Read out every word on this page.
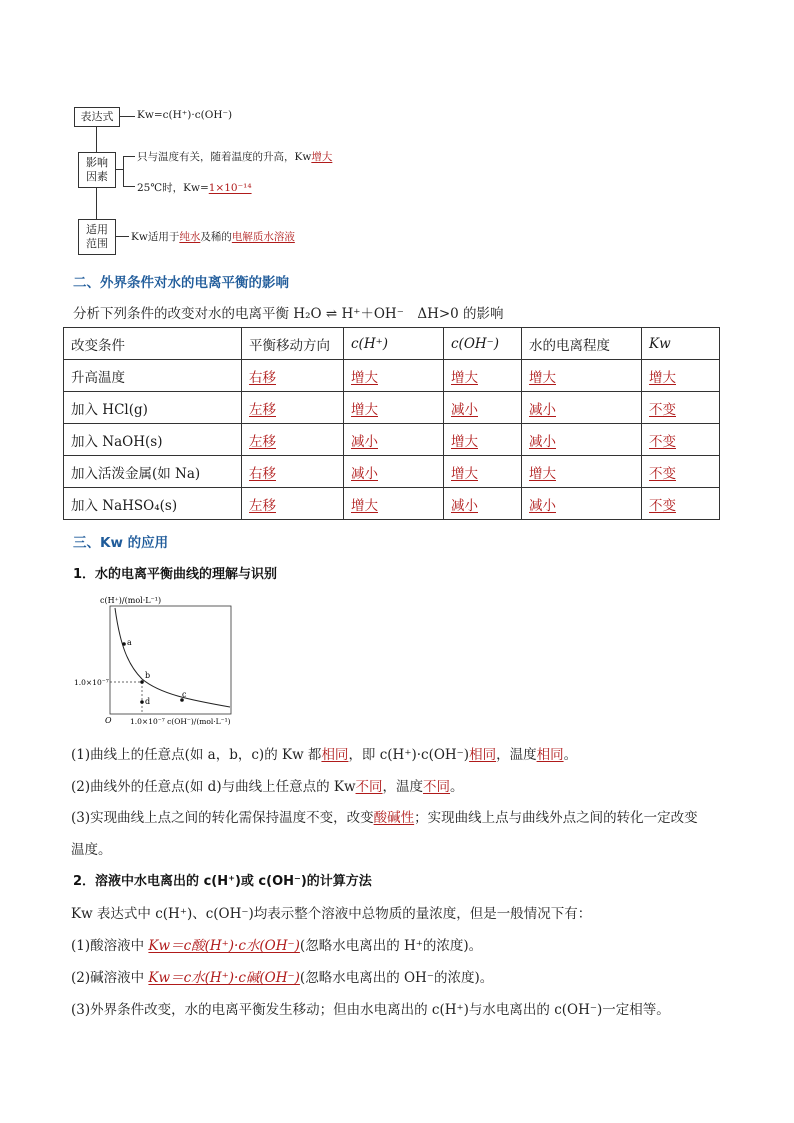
表达式 Kw=c(H⁺)·c(OH⁻)
影响
因素
只与温度有关，随着温度的升高，Kw增大
25℃时，Kw=1×10⁻¹⁴
适用
范围 Kw适用于纯水及稀的电解质水溶液
二、外界条件对水的电离平衡的影响
分析下列条件的改变对水的电离平衡 H₂O ⇌ H⁺＋OH⁻　ΔH>0 的影响
改变条件	平衡移动方向	c(H⁺)	c(OH⁻)	水的电离程度	Kw
升高温度	右移	增大	增大	增大	增大
加入 HCl(g)	左移	增大	减小	减小	不变
加入 NaOH(s)	左移	减小	增大	减小	不变
加入活泼金属(如 Na)	右移	减小	增大	增大	不变
加入 NaHSO₄(s)	左移	增大	减小	减小	不变
三、Kw 的应用
1．水的电离平衡曲线的理解与识别
c(H⁺)/(mol·L⁻¹)
a
b
c
d
1.0×10⁻⁷
O 1.0×10⁻⁷ c(OH⁻)/(mol·L⁻¹)
(1)曲线上的任意点(如 a，b，c)的 Kw 都相同，即 c(H⁺)·c(OH⁻)相同，温度相同。
(2)曲线外的任意点(如 d)与曲线上任意点的 Kw不同，温度不同。
(3)实现曲线上点之间的转化需保持温度不变，改变酸碱性；实现曲线上点与曲线外点之间的转化一定改变
温度。
2．溶液中水电离出的 c(H⁺)或 c(OH⁻)的计算方法
Kw 表达式中 c(H⁺)、c(OH⁻)均表示整个溶液中总物质的量浓度，但是一般情况下有：
(1)酸溶液中 Kw＝c酸(H⁺)·c水(OH⁻)(忽略水电离出的 H⁺的浓度)。
(2)碱溶液中 Kw＝c水(H⁺)·c碱(OH⁻)(忽略水电离出的 OH⁻的浓度)。
(3)外界条件改变，水的电离平衡发生移动；但由水电离出的 c(H⁺)与水电离出的 c(OH⁻)一定相等。
